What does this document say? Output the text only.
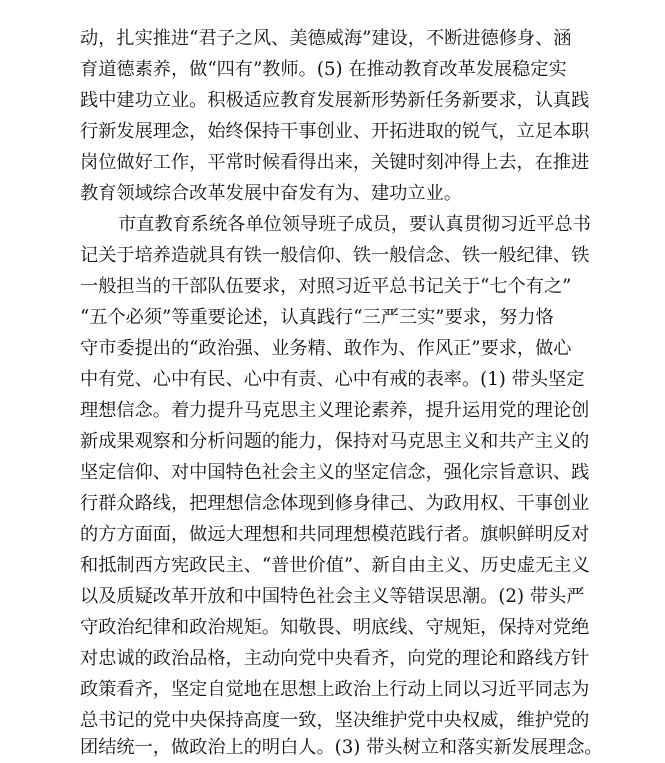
动，扎实推进“君子之风、美德威海”建设，不断进德修身、涵
育道德素养，做“四有”教师。(5) 在推动教育改革发展稳定实
践中建功立业。积极适应教育发展新形势新任务新要求，认真践
行新发展理念，始终保持干事创业、开拓进取的锐气，立足本职
岗位做好工作，平常时候看得出来，关键时刻冲得上去，在推进
教育领域综合改革发展中奋发有为、建功立业。
市直教育系统各单位领导班子成员，要认真贯彻习近平总书
记关于培养造就具有铁一般信仰、铁一般信念、铁一般纪律、铁
一般担当的干部队伍要求，对照习近平总书记关于“七个有之”
“五个必须”等重要论述，认真践行“三严三实”要求，努力恪
守市委提出的“政治强、业务精、敢作为、作风正”要求，做心
中有党、心中有民、心中有责、心中有戒的表率。(1) 带头坚定
理想信念。着力提升马克思主义理论素养，提升运用党的理论创
新成果观察和分析问题的能力，保持对马克思主义和共产主义的
坚定信仰、对中国特色社会主义的坚定信念，强化宗旨意识、践
行群众路线，把理想信念体现到修身律己、为政用权、干事创业
的方方面面，做远大理想和共同理想模范践行者。旗帜鲜明反对
和抵制西方宪政民主、“普世价值”、新自由主义、历史虚无主义
以及质疑改革开放和中国特色社会主义等错误思潮。(2) 带头严
守政治纪律和政治规矩。知敬畏、明底线、守规矩，保持对党绝
对忠诚的政治品格，主动向党中央看齐，向党的理论和路线方针
政策看齐，坚定自觉地在思想上政治上行动上同以习近平同志为
总书记的党中央保持高度一致，坚决维护党中央权威，维护党的
团结统一，做政治上的明白人。(3) 带头树立和落实新发展理念。
